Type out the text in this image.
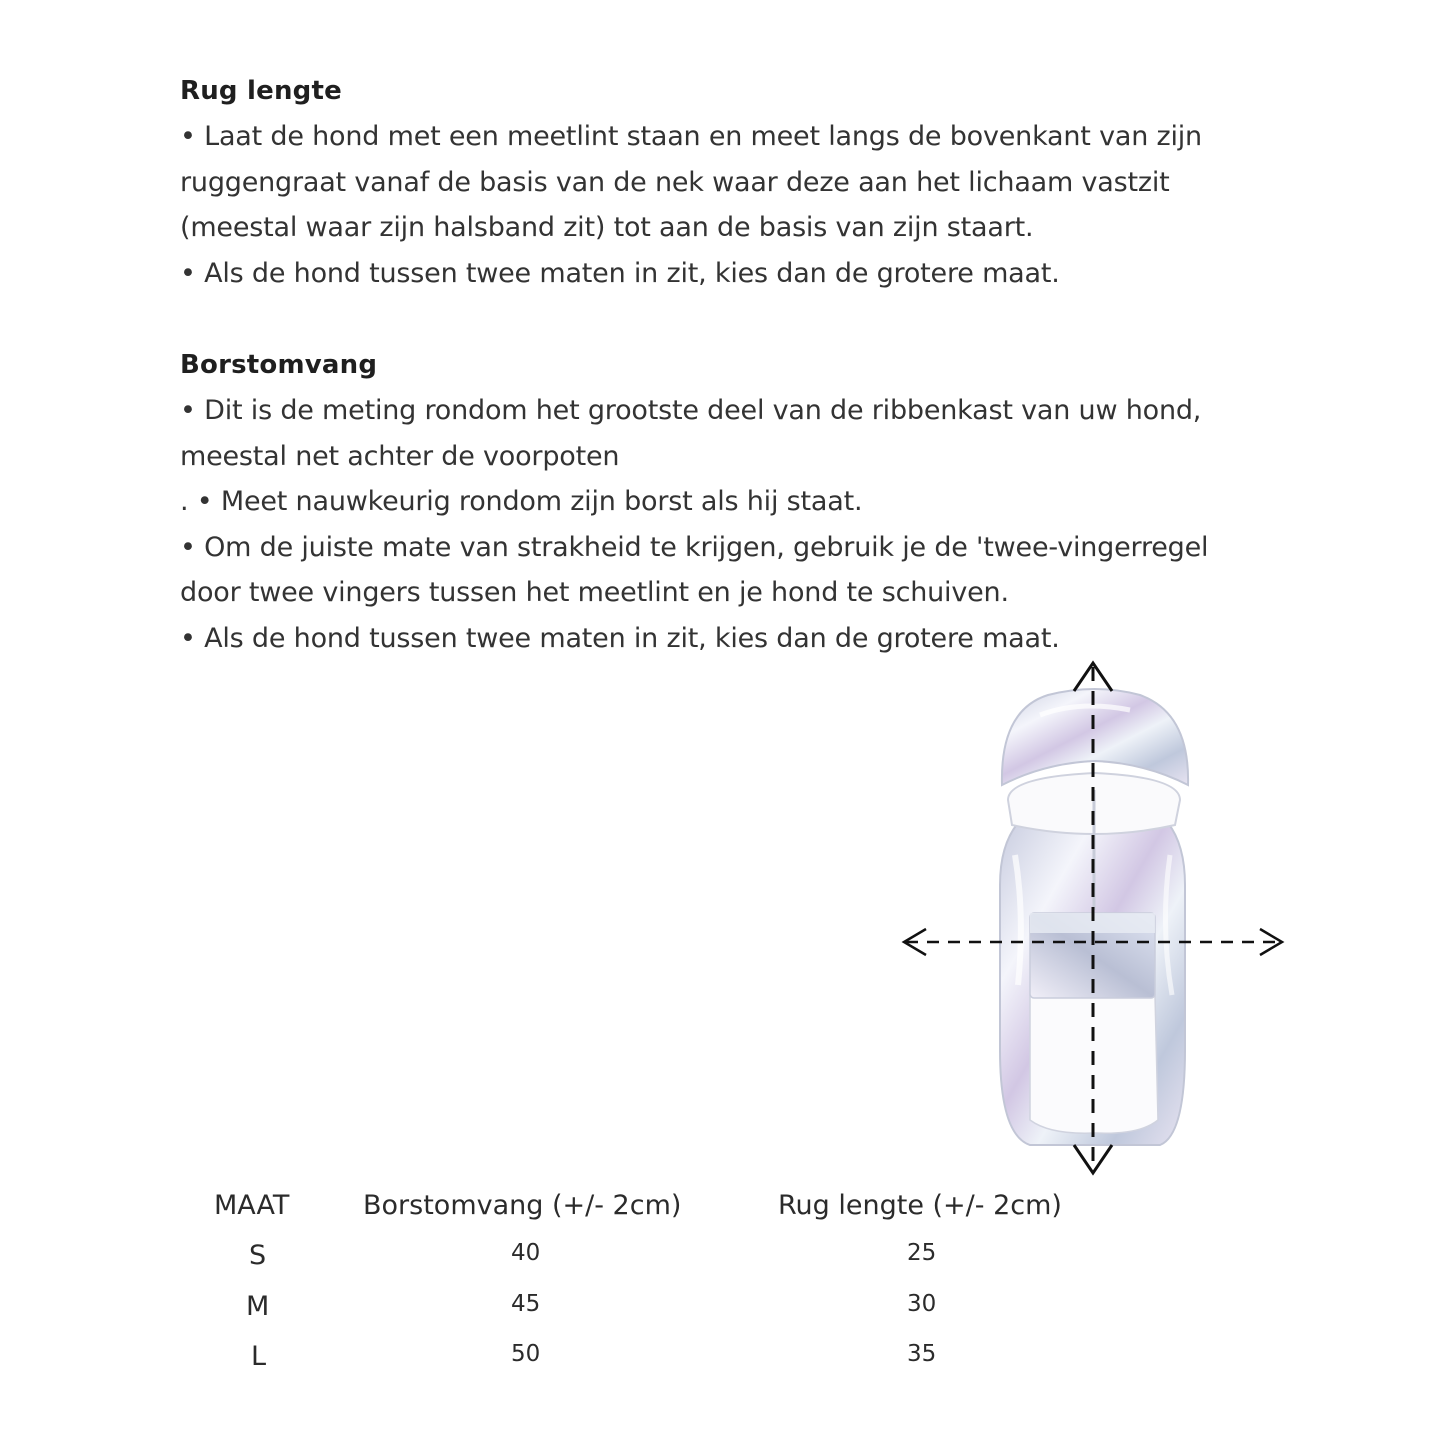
Rug lengte
• Laat de hond met een meetlint staan en meet langs de bovenkant van zijn
ruggengraat vanaf de basis van de nek waar deze aan het lichaam vastzit
(meestal waar zijn halsband zit) tot aan de basis van zijn staart.
• Als de hond tussen twee maten in zit, kies dan de grotere maat.
Borstomvang
• Dit is de meting rondom het grootste deel van de ribbenkast van uw hond,
meestal net achter de voorpoten
. • Meet nauwkeurig rondom zijn borst als hij staat.
• Om de juiste mate van strakheid te krijgen, gebruik je de 'twee-vingerregel
door twee vingers tussen het meetlint en je hond te schuiven.
• Als de hond tussen twee maten in zit, kies dan de grotere maat.
MAAT	Borstomvang (+/- 2cm)	Rug lengte (+/- 2cm)
S	40	25
M	45	30
L	50	35
